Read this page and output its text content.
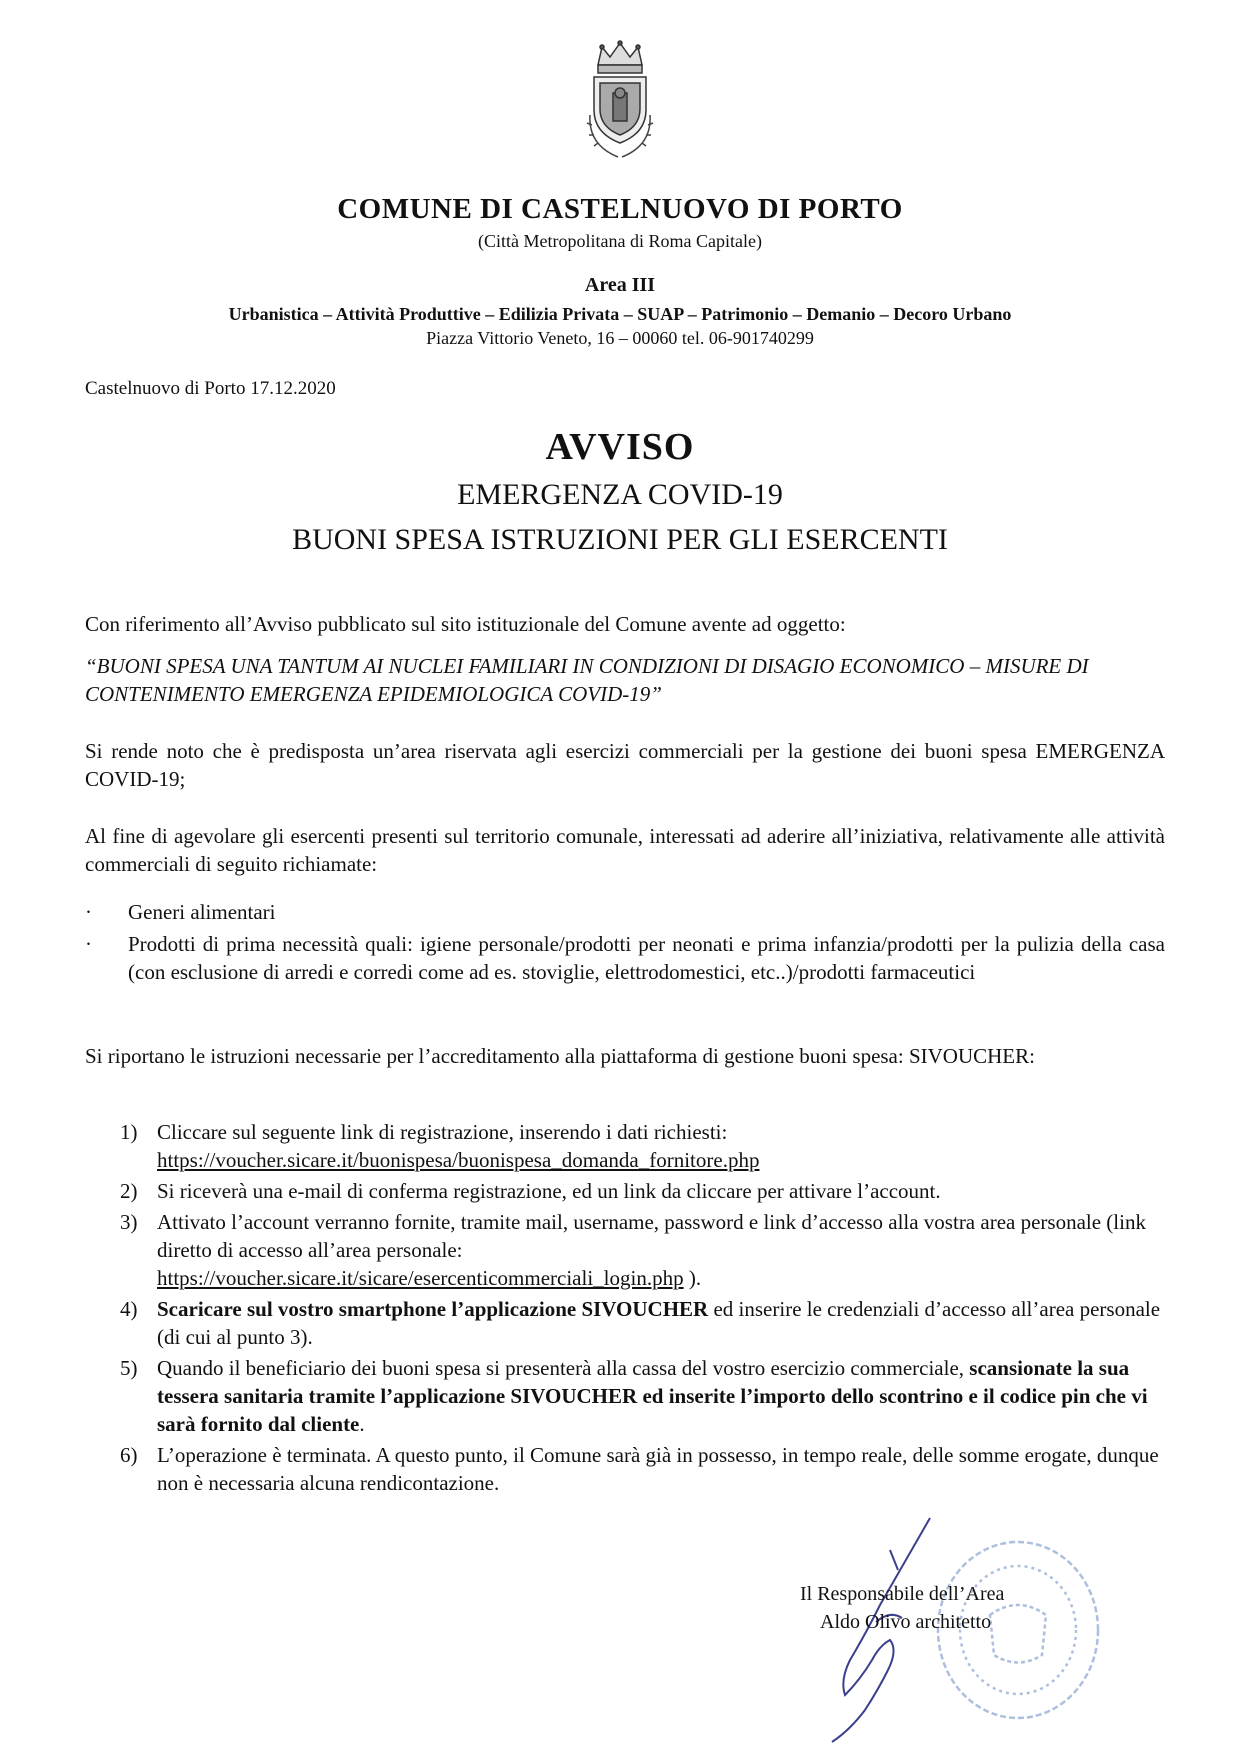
COMUNE DI CASTELNUOVO DI PORTO
(Città Metropolitana di Roma Capitale)
Area III
Urbanistica – Attività Produttive – Edilizia Privata – SUAP – Patrimonio – Demanio – Decoro Urbano
Piazza Vittorio Veneto, 16 – 00060 tel. 06-901740299
Castelnuovo di Porto 17.12.2020
AVVISO
EMERGENZA COVID-19
BUONI SPESA ISTRUZIONI PER GLI ESERCENTI
Con riferimento all’Avviso pubblicato sul sito istituzionale del Comune avente ad oggetto:
“BUONI SPESA UNA TANTUM AI NUCLEI FAMILIARI IN CONDIZIONI DI DISAGIO ECONOMICO – MISURE DI CONTENIMENTO EMERGENZA EPIDEMIOLOGICA COVID-19”
Si rende noto che è predisposta un’area riservata agli esercizi commerciali per la gestione dei buoni spesa EMERGENZA COVID-19;
Al fine di agevolare gli esercenti presenti sul territorio comunale, interessati ad aderire all’iniziativa, relativamente alle attività commerciali di seguito richiamate:
· Generi alimentari
· Prodotti di prima necessità quali: igiene personale/prodotti per neonati e prima infanzia/prodotti per la pulizia della casa (con esclusione di arredi e corredi come ad es. stoviglie, elettrodomestici, etc..)/prodotti farmaceutici
Si riportano le istruzioni necessarie per l’accreditamento alla piattaforma di gestione buoni spesa: SIVOUCHER:
1) Cliccare sul seguente link di registrazione, inserendo i dati richiesti:
https://voucher.sicare.it/buonispesa/buonispesa_domanda_fornitore.php
2) Si riceverà una e-mail di conferma registrazione, ed un link da cliccare per attivare l’account.
3) Attivato l’account verranno fornite, tramite mail, username, password e link d’accesso alla vostra area personale (link diretto di accesso all’area personale:
https://voucher.sicare.it/sicare/esercenticommerciali_login.php ).
4) Scaricare sul vostro smartphone l’applicazione SIVOUCHER ed inserire le credenziali d’accesso all’area personale (di cui al punto 3).
5) Quando il beneficiario dei buoni spesa si presenterà alla cassa del vostro esercizio commerciale, scansionate la sua tessera sanitaria tramite l’applicazione SIVOUCHER ed inserite l’importo dello scontrino e il codice pin che vi sarà fornito dal cliente.
6) L’operazione è terminata. A questo punto, il Comune sarà già in possesso, in tempo reale, delle somme erogate, dunque non è necessaria alcuna rendicontazione.
Il Responsabile dell’Area
Aldo Olivo architetto
